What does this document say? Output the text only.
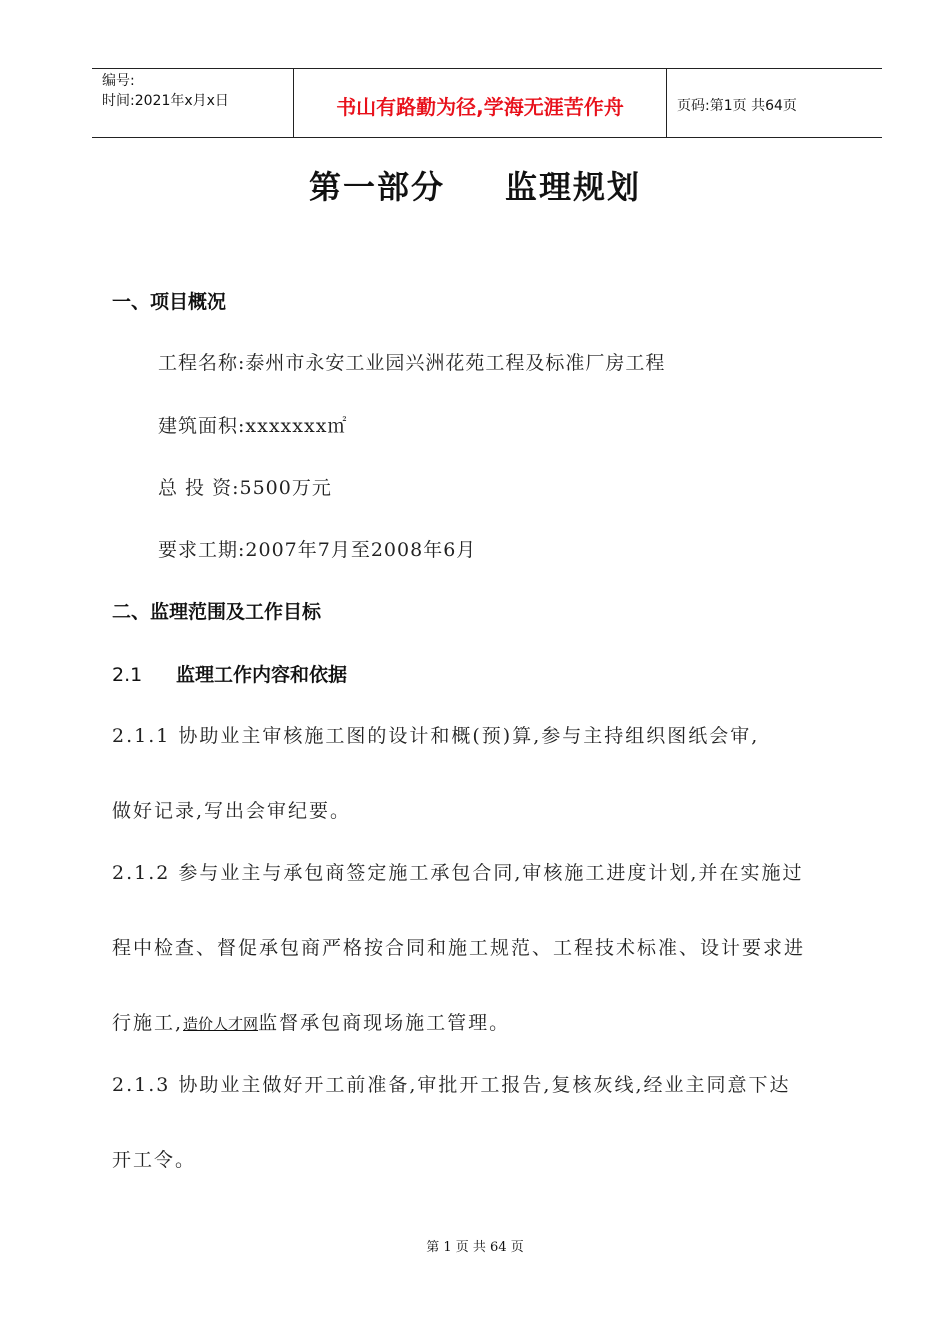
编号:
时间:2021年x月x日	书山有路勤为径,学海无涯苦作舟	页码:第1页 共64页
第一部分 监理规划
一、项目概况
工程名称:泰州市永安工业园兴洲花苑工程及标准厂房工程
建筑面积:xxxxxxx㎡
总 投 资:5500万元
要求工期:2007年7月至2008年6月
二、监理范围及工作目标
2.1 监理工作内容和依据
2.1.1 协助业主审核施工图的设计和概(预)算,参与主持组织图纸会审,
做好记录,写出会审纪要。
2.1.2 参与业主与承包商签定施工承包合同,审核施工进度计划,并在实施过
程中检查、督促承包商严格按合同和施工规范、工程技术标准、设计要求进
行施工,造价人才网监督承包商现场施工管理。
2.1.3 协助业主做好开工前准备,审批开工报告,复核灰线,经业主同意下达
开工令。
第 1 页 共 64 页
